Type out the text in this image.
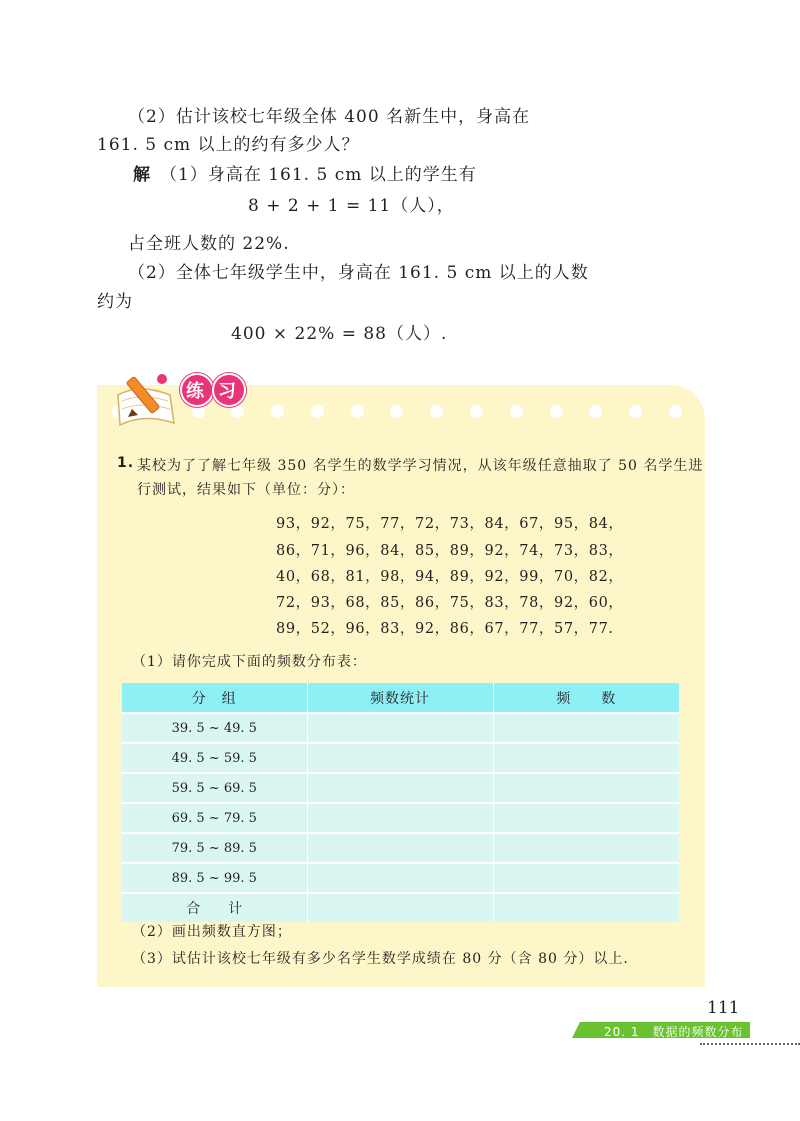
（2）估计该校七年级全体 400 名新生中，身高在
161. 5 cm 以上的约有多少人？
解 （1）身高在 161. 5 cm 以上的学生有
8 + 2 + 1 = 11（人），
占全班人数的 22%.
（2）全体七年级学生中，身高在 161. 5 cm 以上的人数
约为
400 × 22% = 88（人）.
练习
1. 某校为了了解七年级 350 名学生的数学学习情况，从该年级任意抽取了 50 名学生进
行测试，结果如下（单位：分）：
93，92，75，77，72，73，84，67，95，84，
86，71，96，84，85，89，92，74，73，83，
40，68，81，98，94，89，92，99，70，82，
72，93，68，85，86，75，83，78，92，60，
89，52，96，83，92，86，67，77，57，77.
（1）请你完成下面的频数分布表：
分　组	频数统计	频　　数
39. 5 ~ 49. 5		
49. 5 ~ 59. 5		
59. 5 ~ 69. 5		
69. 5 ~ 79. 5		
79. 5 ~ 89. 5		
89. 5 ~ 99. 5		
合　　计		
（2）画出频数直方图；
（3）试估计该校七年级有多少名学生数学成绩在 80 分（含 80 分）以上.
111
20. 1　数据的频数分布
